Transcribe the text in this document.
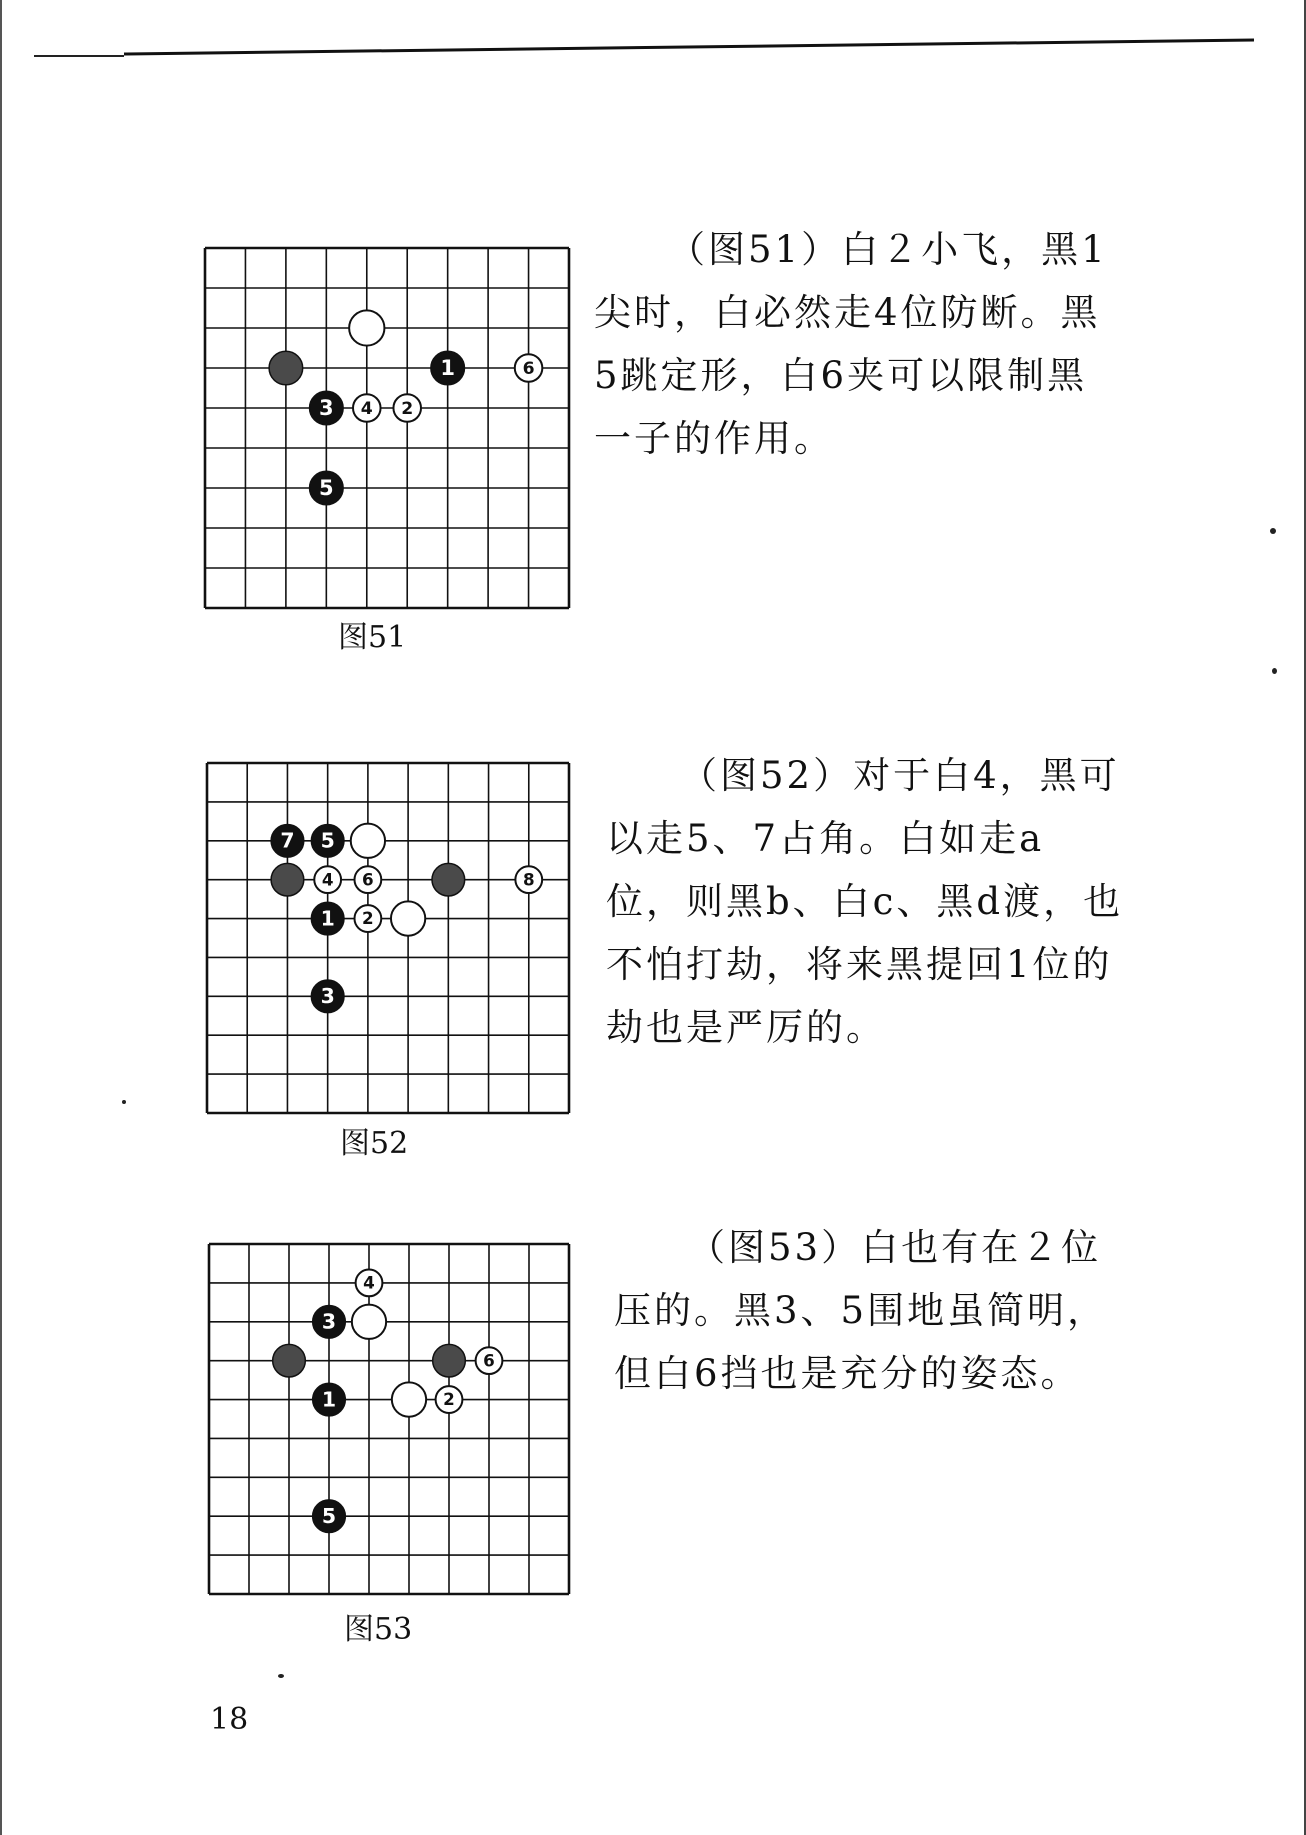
1	6
3 4 2
5
图51
（图51）白２小飞，黑1尖时，白必然走4位防断。黑5跳定形，白6夹可以限制黑一子的作用。
7 5
4 6	8
1 2
3
图52
（图52）对于白4，黑可以走5、7占角。白如走a位，则黑b、白c、黑d渡，也不怕打劫，将来黑提回1位的劫也是严厉的。
4
3
6
1	2
5
图53
（图53）白也有在２位压的。黑3、5围地虽简明，但白6挡也是充分的姿态。
18
